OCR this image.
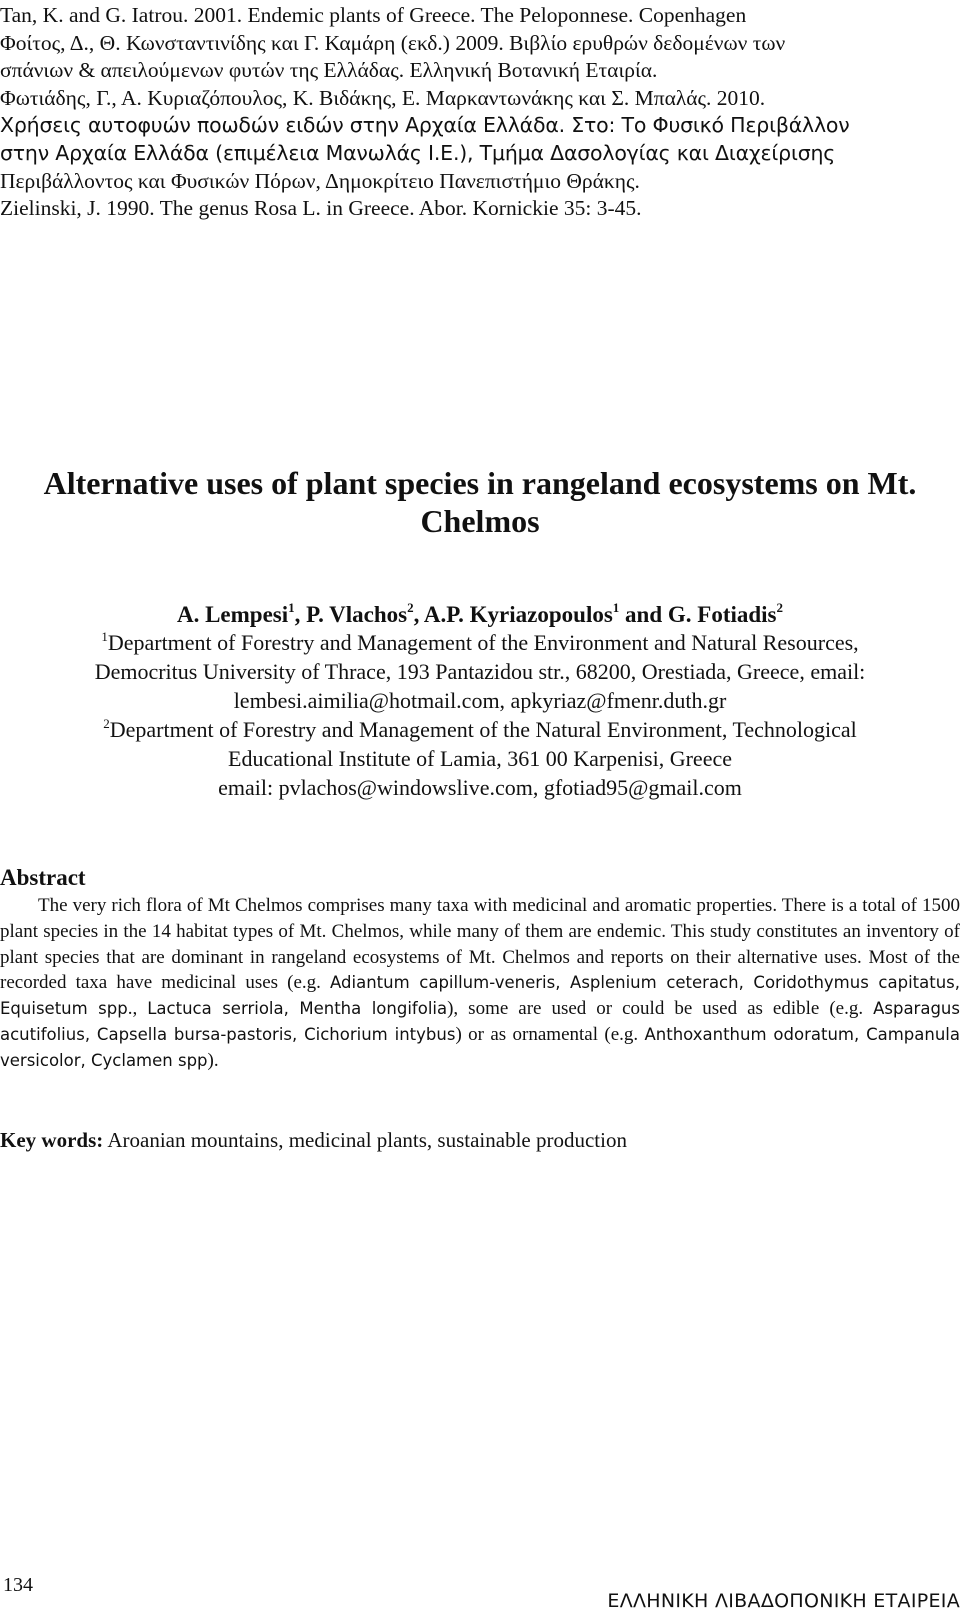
Tan, K. and G. Iatrou. 2001. Endemic plants of Greece. The Peloponnese. Copenhagen

Φοίτος, Δ., Θ. Κωνσταντινίδης και Γ. Καμάρη (εκδ.) 2009. Βιβλίο ερυθρών δεδομένων των
σπάνιων & απειλούμενων φυτών της Ελλάδας. Ελληνική Βοτανική Εταιρία.

Φωτιάδης, Γ., Α. Κυριαζόπουλος, Κ. Βιδάκης, Ε. Μαρκαντωνάκης και Σ. Μπαλάς. 2010.
Χρήσεις αυτοφυών ποωδών ειδών στην Αρχαία Ελλάδα. Στο: Το Φυσικό Περιβάλλον
στην Αρχαία Ελλάδα (επιμέλεια Μανωλάς Ι.Ε.), Τμήμα Δασολογίας και Διαχείρισης
Περιβάλλοντος και Φυσικών Πόρων, Δημοκρίτειο Πανεπιστήμιο Θράκης.

Zielinski, J. 1990. The genus Rosa L. in Greece. Abor. Kornickie 35: 3-45.

Alternative uses of plant species in rangeland ecosystems on Mt.
Chelmos

A. Lempesi$^1$, P. Vlachos$^2$, A.P. Kyriazopoulos$^1$ and G. Fotiadis$^2$

$^1$Department of Forestry and Management of the Environment and Natural Resources,
Democritus University of Thrace, 193 Pantazidou str., 68200, Orestiada, Greece, email:
lembesi.aimilia@hotmail.com, apkyriaz@fmenr.duth.gr

$^2$Department of Forestry and Management of the Natural Environment, Technological
Educational Institute of Lamia, 361 00 Karpenisi, Greece
email: pvlachos@windowslive.com, gfotiad95@gmail.com

Abstract

The very rich flora of Mt Chelmos comprises many taxa with medicinal and aromatic properties. There is a total of 1500 plant species in the 14 habitat types of Mt. Chelmos, while many of them are endemic. This study constitutes an inventory of plant species that are dominant in rangeland ecosystems of Mt. Chelmos and reports on their alternative uses. Most of the recorded taxa have medicinal uses (e.g. Adiantum capillum-veneris, Asplenium ceterach, Coridothymus capitatus, Equisetum spp., Lactuca serriola, Mentha longifolia), some are used or could be used as edible (e.g. Asparagus acutifolius, Capsella bursa-pastoris, Cichorium intybus) or as ornamental (e.g. Anthoxanthum odoratum, Campanula versicolor, Cyclamen spp).

Key words: Aroanian mountains, medicinal plants, sustainable production

134

ΕΛΛΗΝΙΚΗ ΛΙΒΑΔΟΠΟΝΙΚΗ ΕΤΑΙΡΕΙΑ
